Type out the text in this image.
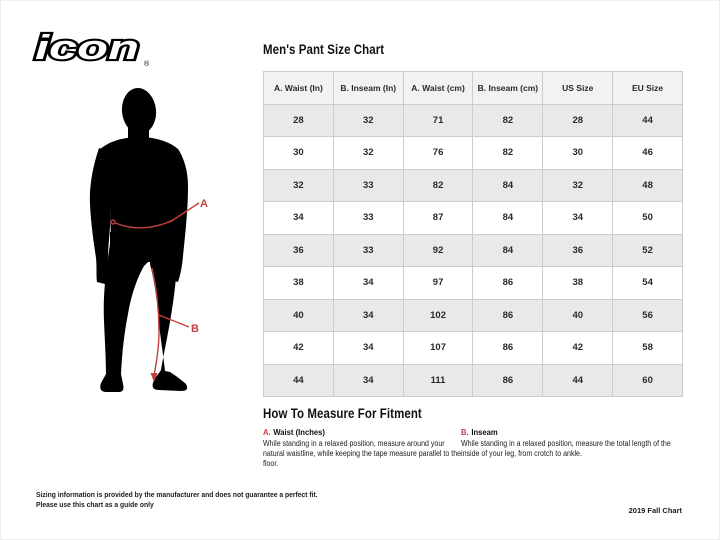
icon ®
A
B
Men's Pant Size Chart
A. Waist (In)	B. Inseam (In)	A. Waist (cm)	B. Inseam (cm)	US Size	EU Size
28	32	71	82	28	44
30	32	76	82	30	46
32	33	82	84	32	48
34	33	87	84	34	50
36	33	92	84	36	52
38	34	97	86	38	54
40	34	102	86	40	56
42	34	107	86	42	58
44	34	111	86	44	60
How To Measure For Fitment
A. Waist (Inches)
While standing in a relaxed position, measure around your natural waistline, while keeping the tape measure parallel to the floor.
B. Inseam
While standing in a relaxed position, measure the total length of the inside of your leg, from crotch to ankle.
Sizing information is provided by the manufacturer and does not guarantee a perfect fit.
Please use this chart as a guide only
2019 Fall Chart
